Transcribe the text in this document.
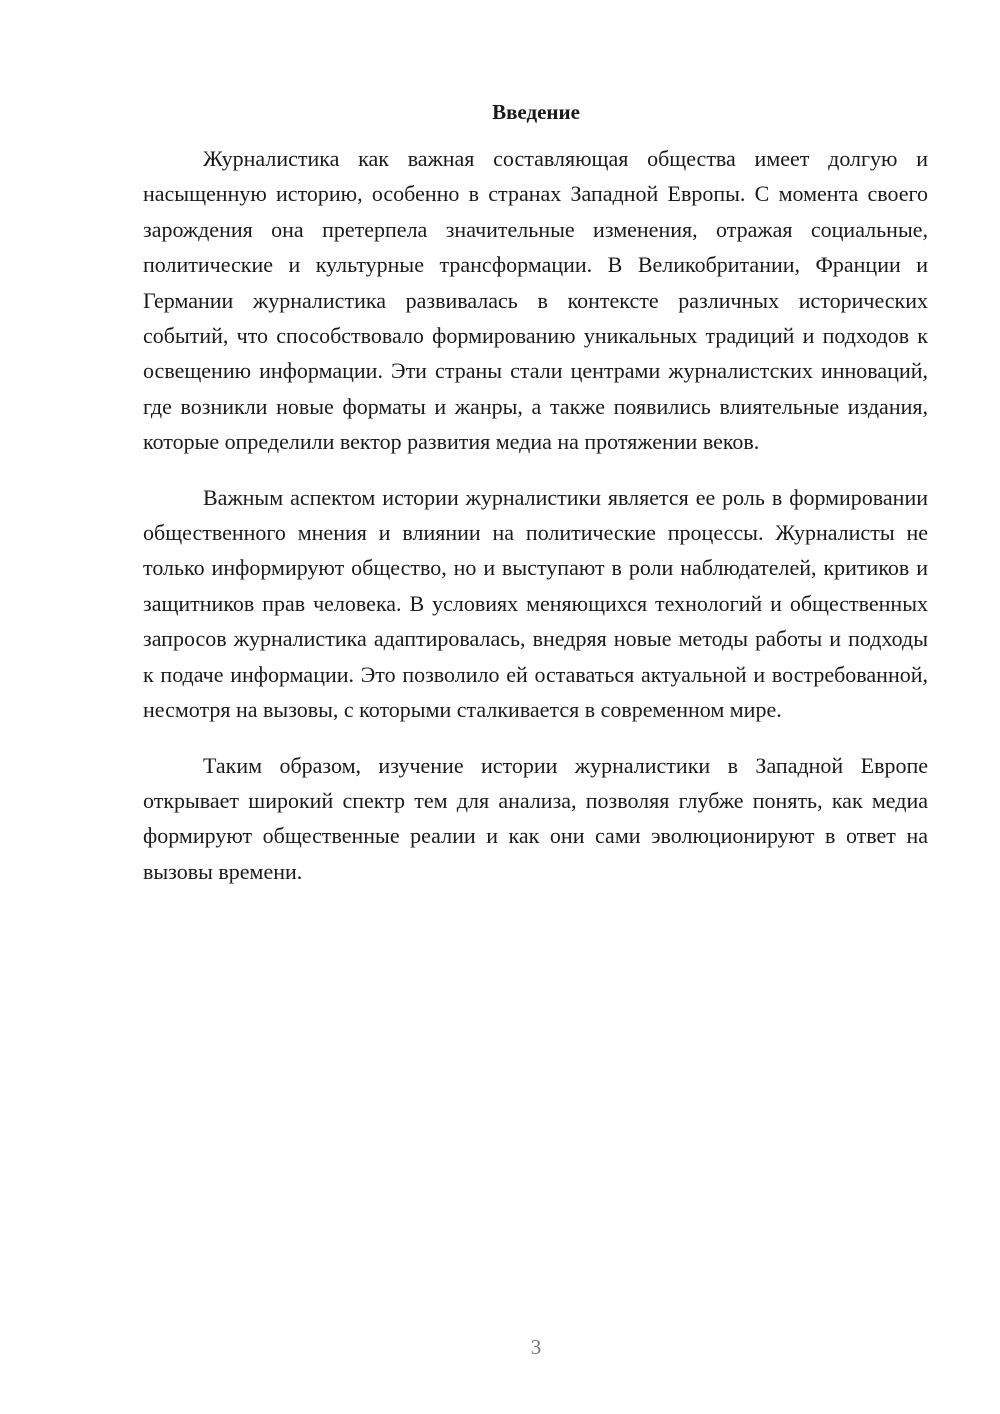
Введение

Журналистика как важная составляющая общества имеет долгую и насыщенную историю, особенно в странах Западной Европы. С момента своего зарождения она претерпела значительные изменения, отражая социальные, политические и культурные трансформации. В Великобритании, Франции и Германии журналистика развивалась в контексте различных исторических событий, что способствовало формированию уникальных традиций и подходов к освещению информации. Эти страны стали центрами журналистских инноваций, где возникли новые форматы и жанры, а также появились влиятельные издания, которые определили вектор развития медиа на протяжении веков.

Важным аспектом истории журналистики является ее роль в формировании общественного мнения и влиянии на политические процессы. Журналисты не только информируют общество, но и выступают в роли наблюдателей, критиков и защитников прав человека. В условиях меняющихся технологий и общественных запросов журналистика адаптировалась, внедряя новые методы работы и подходы к подаче информации. Это позволило ей оставаться актуальной и востребованной, несмотря на вызовы, с которыми сталкивается в современном мире.

Таким образом, изучение истории журналистики в Западной Европе открывает широкий спектр тем для анализа, позволяя глубже понять, как медиа формируют общественные реалии и как они сами эволюционируют в ответ на вызовы времени.

3
